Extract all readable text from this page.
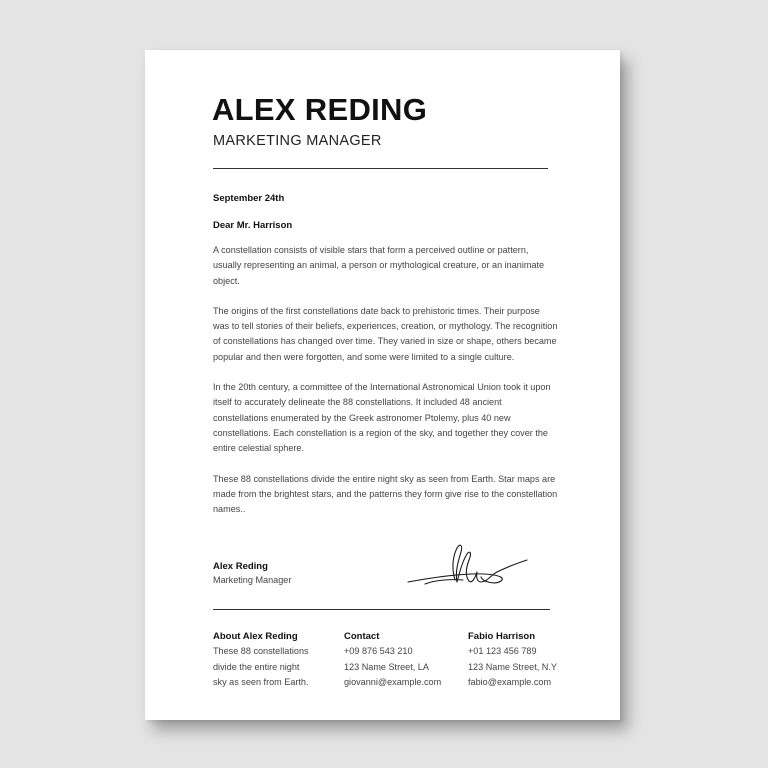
ALEX REDING
MARKETING MANAGER
September 24th
Dear Mr. Harrison

A constellation consists of visible stars that form a perceived outline or pattern, usually representing an animal, a person or mythological creature, or an inanimate object.

The origins of the first constellations date back to prehistoric times. Their purpose was to tell stories of their beliefs, experiences, creation, or mythology. The recognition of constellations has changed over time. They varied in size or shape, others became popular and then were forgotten, and some were limited to a single culture.

In the 20th century, a committee of the International Astronomical Union took it upon itself to accurately delineate the 88 constellations. It included 48 ancient constellations enumerated by the Greek astronomer Ptolemy, plus 40 new constellations. Each constellation is a region of the sky, and together they cover the entire celestial sphere.

These 88 constellations divide the entire night sky as seen from Earth. Star maps are made from the brightest stars, and the patterns they form give rise to the constellation names..

Alex Reding
Marketing Manager
About Alex Reding
These 88 constellations
divide the entire night
sky as seen from Earth.
Contact
+09 876 543 210
123 Name Street, LA
giovanni@example.com
Fabio Harrison
+01 123 456 789
123 Name Street, N.Y
fabio@example.com
